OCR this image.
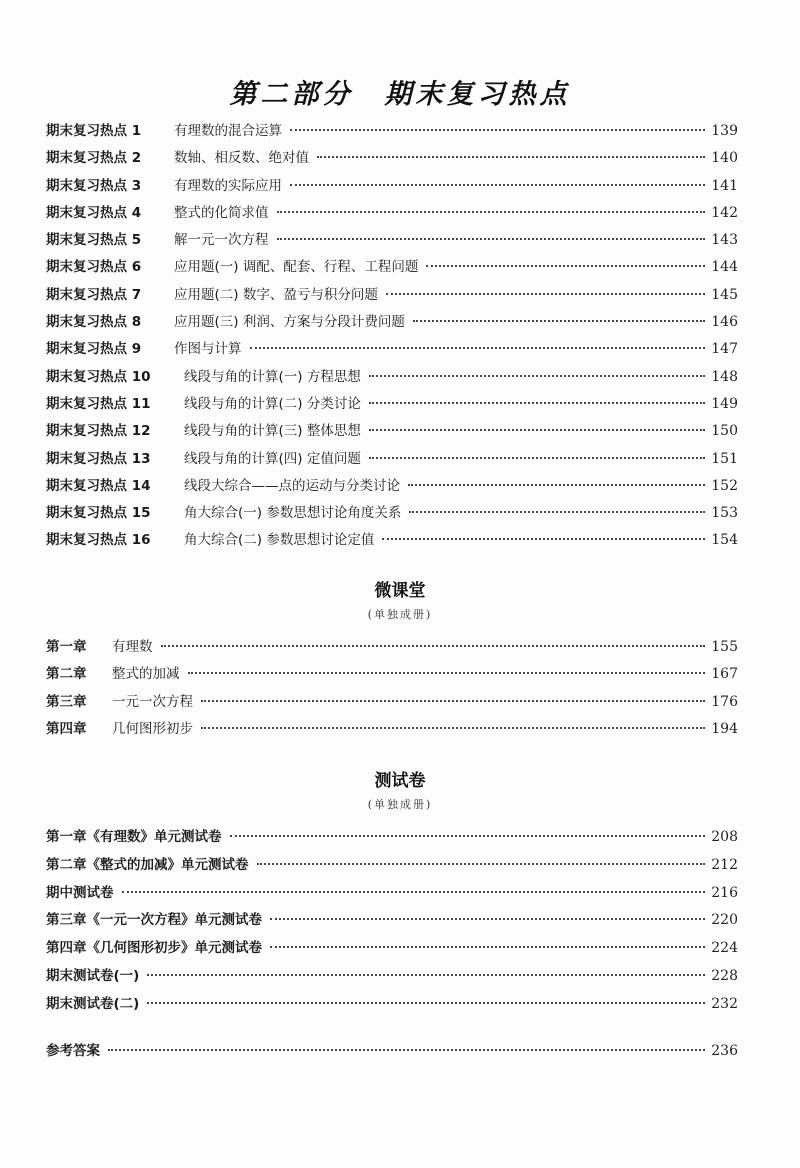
第二部分　期末复习热点
期末复习热点 1	有理数的混合运算	139
期末复习热点 2	数轴、相反数、绝对值	140
期末复习热点 3	有理数的实际应用	141
期末复习热点 4	整式的化简求值	142
期末复习热点 5	解一元一次方程	143
期末复习热点 6	应用题(一) 调配、配套、行程、工程问题	144
期末复习热点 7	应用题(二) 数字、盈亏与积分问题	145
期末复习热点 8	应用题(三) 利润、方案与分段计费问题	146
期末复习热点 9	作图与计算	147
期末复习热点 10	线段与角的计算(一) 方程思想	148
期末复习热点 11	线段与角的计算(二) 分类讨论	149
期末复习热点 12	线段与角的计算(三) 整体思想	150
期末复习热点 13	线段与角的计算(四) 定值问题	151
期末复习热点 14	线段大综合——点的运动与分类讨论	152
期末复习热点 15	角大综合(一) 参数思想讨论角度关系	153
期末复习热点 16	角大综合(二) 参数思想讨论定值	154
微课堂
(单独成册)
第一章	有理数	155
第二章	整式的加减	167
第三章	一元一次方程	176
第四章	几何图形初步	194
测试卷
(单独成册)
第一章《有理数》单元测试卷	208
第二章《整式的加减》单元测试卷	212
期中测试卷	216
第三章《一元一次方程》单元测试卷	220
第四章《几何图形初步》单元测试卷	224
期末测试卷(一)	228
期末测试卷(二)	232
参考答案	236
